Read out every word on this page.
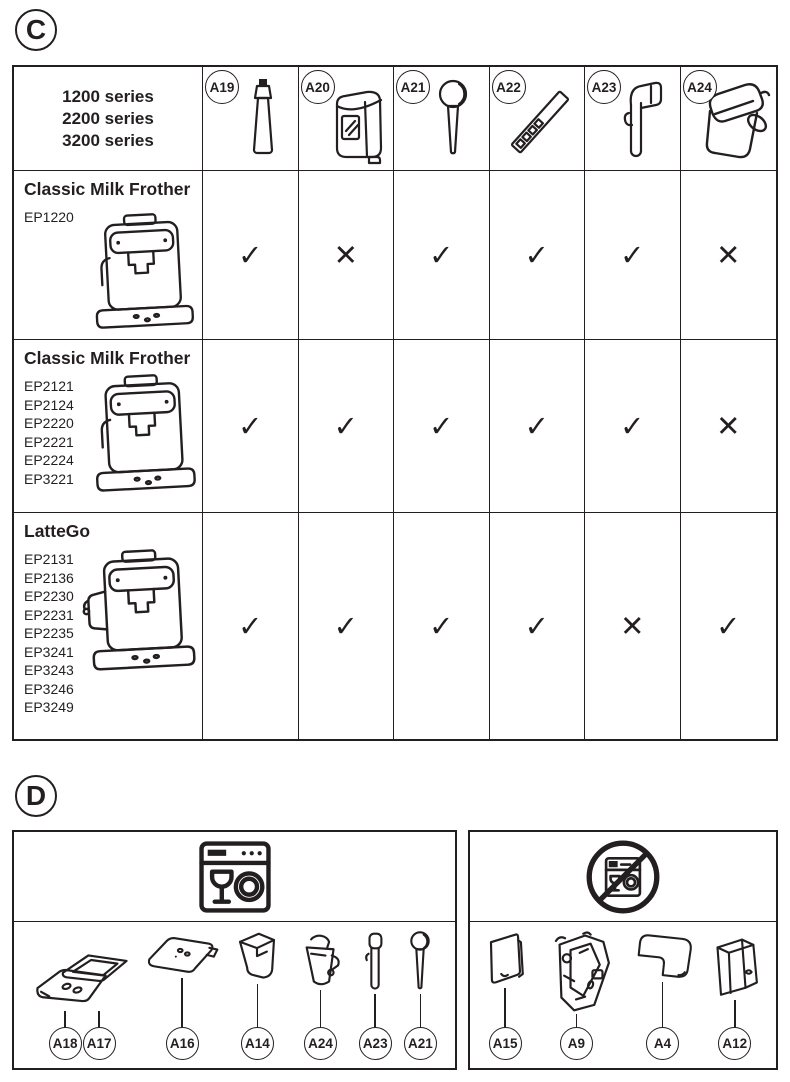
C
1200 series
2200 series
3200 series
A19	A20	A21	A22	A23	A24
Classic Milk Frother
EP1220
✓ ✕ ✓ ✓ ✓ ✕
Classic Milk Frother
EP2121
EP2124
EP2220
EP2221
EP2224
EP3221
✓ ✓ ✓ ✓ ✓ ✕
LatteGo
EP2131
EP2136
EP2230
EP2231
EP2235
EP3241
EP3243
EP3246
EP3249
✓ ✓ ✓ ✓ ✕ ✓
D
A18 A17	A16	A14	A24	A23	A21	A15	A9	A4	A12
